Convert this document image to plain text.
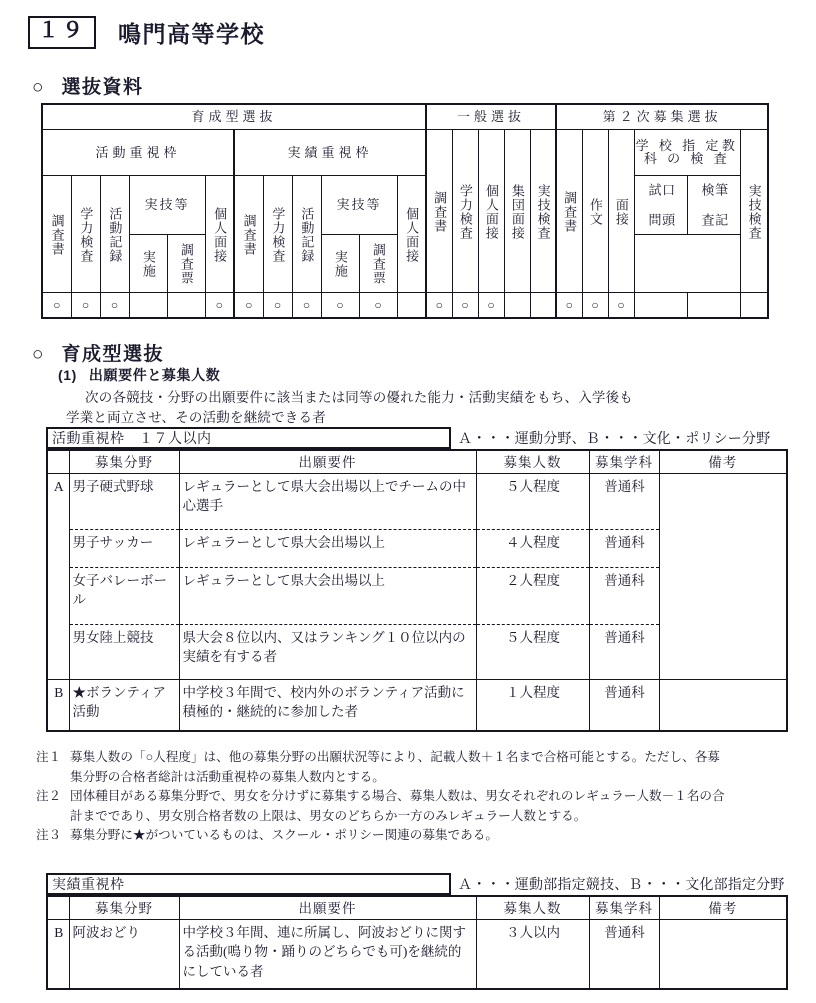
１９	鳴門高等学校
○ 選抜資料
育成型選抜												一般選抜					第２次募集選抜					
活動重視枠						実績重視枠						調査書	学力検査	個人面接	集団面接	実技検査	調査書	作文	面接	学 校 指 定教 科 の 検 査		実技検査
調査書	学力検査	活動記録	実技等		個人面接	調査書	学力検査	活動記録	実技等		個人面接									口 頭試 問	筆 記検 査	
			実施	調査票					実施	調査票												
○	○	○			○	○	○	○	○	○		○	○	○			○	○	○			
○ 育成型選抜
(1) 出願要件と募集人数
次の各競技・分野の出願要件に該当または同等の優れた能力・活動実績をもち、入学後も
学業と両立させ、その活動を継続できる者
活動重視枠　１７人以内	Ａ・・・運動分野、Ｂ・・・文化・ポリシー分野
	募集分野	出願要件	募集人数	募集学科	備考
A	男子硬式野球	レギュラーとして県大会出場以上でチームの中心選手	５人程度	普通科	
	男子サッカー	レギュラーとして県大会出場以上	４人程度	普通科	
	女子バレーボール	レギュラーとして県大会出場以上	２人程度	普通科	
	男女陸上競技	県大会８位以内、又はランキング１０位以内の実績を有する者	５人程度	普通科	
B	★ボランティア活動	中学校３年間で、校内外のボランティア活動に積極的・継続的に参加した者	１人程度	普通科	
注１ 募集人数の「○人程度」は、他の募集分野の出願状況等により、記載人数＋１名まで合格可能とする。ただし、各募
集分野の合格者総計は活動重視枠の募集人数内とする。
注２ 団体種目がある募集分野で、男女を分けずに募集する場合、募集人数は、男女それぞれのレギュラー人数－１名の合
計までであり、男女別合格者数の上限は、男女のどちらか一方のみレギュラー人数とする。
注３ 募集分野に★がついているものは、スクール・ポリシー関連の募集である。
実績重視枠	Ａ・・・運動部指定競技、Ｂ・・・文化部指定分野
	募集分野	出願要件	募集人数	募集学科	備考
B	阿波おどり	中学校３年間、連に所属し、阿波おどりに関する活動(鳴り物・踊りのどちらでも可)を継続的にしている者	３人以内	普通科	
